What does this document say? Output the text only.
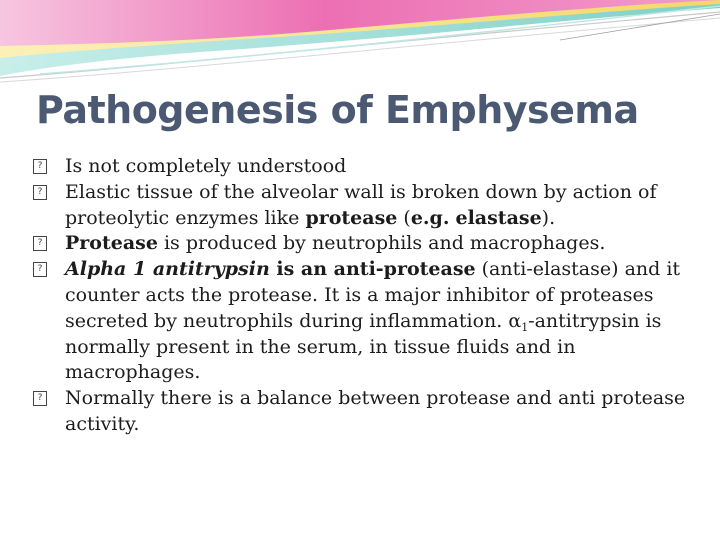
Pathogenesis of Emphysema
? Is not completely understood
? Elastic tissue of the alveolar wall is broken down by action of proteolytic enzymes like protease (e.g. elastase).
? Protease is produced by neutrophils and macrophages.
? Alpha 1 antitrypsin is an anti-protease (anti-elastase) and it counter acts the protease. It is a major inhibitor of proteases secreted by neutrophils during inflammation. $\alpha_1$-antitrypsin is normally present in the serum, in tissue fluids and in macrophages.
? Normally there is a balance between protease and anti protease activity.
